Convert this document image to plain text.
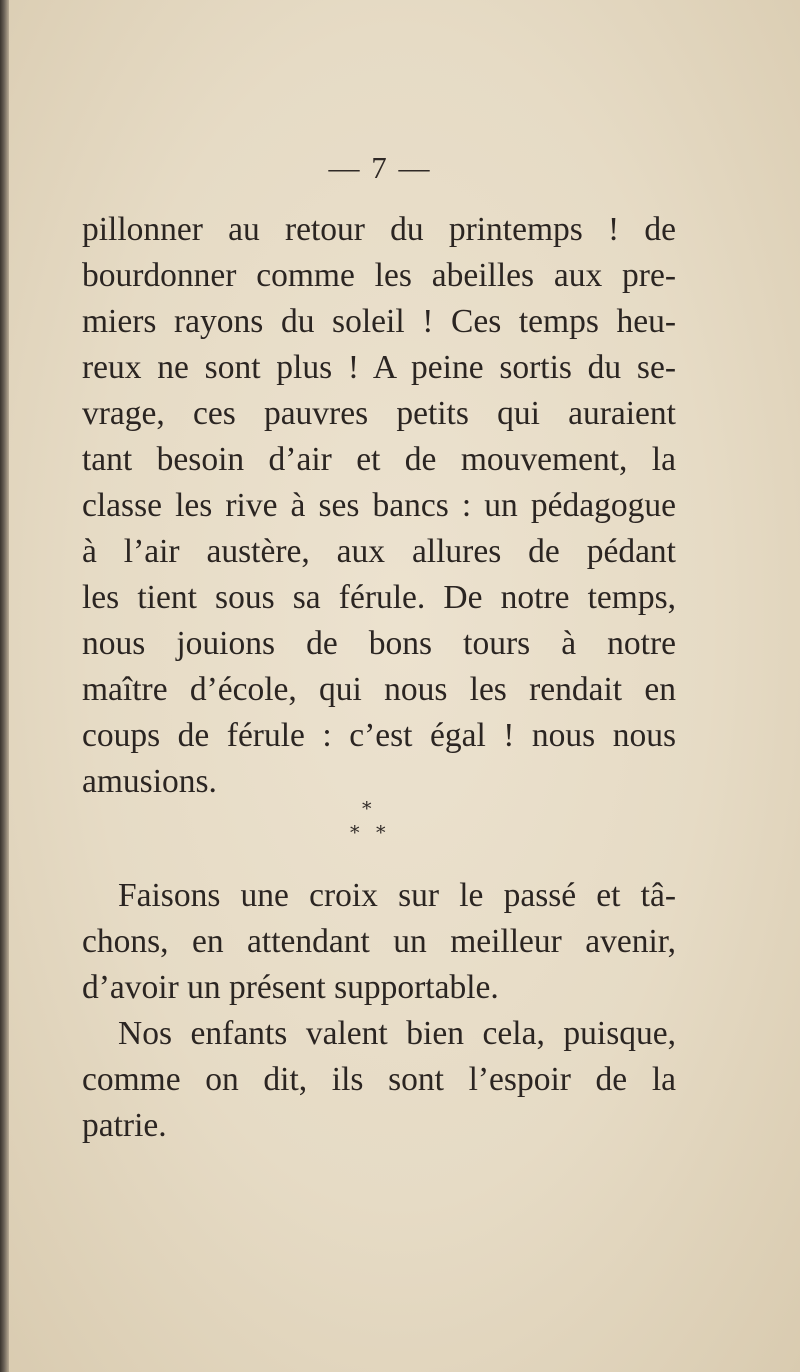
— 7 —
pillonner au retour du printemps ! de
bourdonner comme les abeilles aux pre-
miers rayons du soleil ! Ces temps heu-
reux ne sont plus ! A peine sortis du se-
vrage, ces pauvres petits qui auraient
tant besoin d’air et de mouvement, la
classe les rive à ses bancs : un pédagogue
à l’air austère, aux allures de pédant
les tient sous sa férule. De notre temps,
nous jouions de bons tours à notre
maître d’école, qui nous les rendait en
coups de férule : c’est égal ! nous nous
amusions.
*
* *
Faisons une croix sur le passé et tâ-
chons, en attendant un meilleur avenir,
d’avoir un présent supportable.
Nos enfants valent bien cela, puisque,
comme on dit, ils sont l’espoir de la
patrie.
